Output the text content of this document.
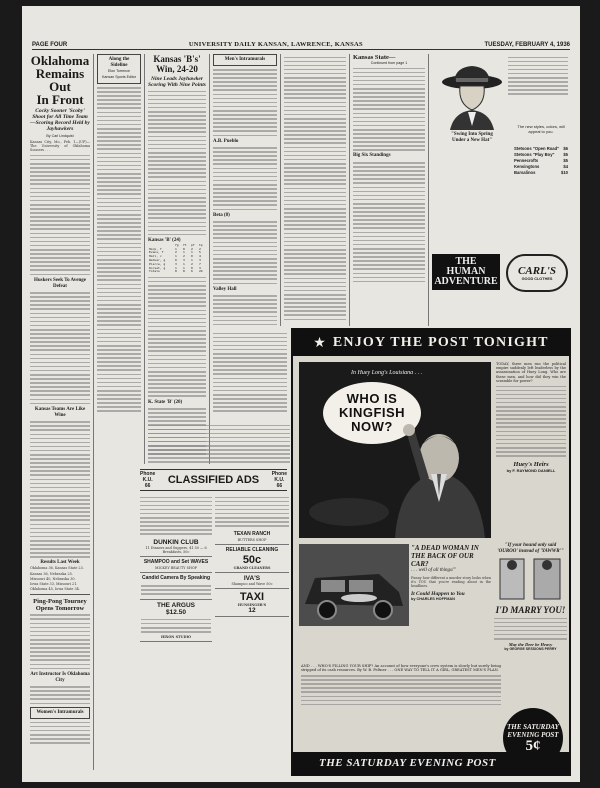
PAGE FOUR	UNIVERSITY DAILY KANSAN, LAWRENCE, KANSAS	TUESDAY, FEBRUARY 4, 1936
Oklahoma
Remains Out
In Front
Cocky Sooner 'Scoby' Shoot for All Time Team—Scoring Record Held by Jayhawkers
By Carl Lindquist

Kansas City, Mo., Feb. 1—(UP)—The University of Oklahoma Sooners . . .

Huskers Seek To Avenge Defeat
Kansas Teams Are Like Wine
Results Last Week

Oklahoma 36, Kansas State 23.

Kansas 36, Nebraska 25.

Missouri 40, Nebraska 30.

Iowa State 33, Missouri 21.

Oklahoma 45, Iowa State 34.

Ping-Pong Tourney
Opens Tomorrow
Art Instructor Is Oklahoma City
Women's Intramurals
Along the Sideline
Elon Torrence
Kansan Sports Editor
Kansas 'B's'
Win, 24-20
Nine Leads Jayhawker Scoring With Nine Points
Kansas 'B' (24)
	fg	ft	pf	tp
Harp, f	1	0	2	2
Evans, f	2	1	1	5
Hall, c	1	2	0	4
Walker, g	0	3	1	3
Pierce, g	3	1	2	7
Dorset, g	1	1	0	3
Totals	8	8	6	24
K. State 'B' (20)
Men's Intramurals
A.B. Pueblo
Beta (8)
Valley Hall
Kansas State—
Continued from page 1
Big Six Standings
"Swing Into Spring
Under a New Hat"
The new styles, colors, will appeal to you.
Stetsons "Open Road" $6
Stetsons "Play Boy" $5
Pennecrofts	$5
Kensingtons	$4
Barsalinos	$10
THE
HUMAN
ADVENTURE
CARL'S
GOOD CLOTHES
Phone
K.U.
66	CLASSIFIED ADS	Phone
K.U.
66
DUNKIN CLUB
11 Dinners and Suppers, $1.50 — 6 Breakfasts, 50c
SHAMPOO and Set WAVES
MICKEY BEAUTY SHOP
Candid Camera By Speaking
THE ARGUS
$12.50
HIXON STUDIO
TEXAN RANCH
BUTTERS SHOP
RELIABLE CLEANING
50c
GRAND CLEANERS
IVA'S
Shampoo and Wave 50c
TAXI
HUNSINGER'S
12
★ ENJOY THE POST TONIGHT
In Huey Long's Louisiana . . .
WHO IS
KINGFISH
NOW?

TODAY, three men run the political empire suddenly left leaderless by the assassination of Huey Long. Who are these men, and how did they win the scramble for power?

Huey's Heirs
by F. RAYMOND DANIELL
"A DEAD WOMAN IN THE BACK OF OUR CAR?
. . . well of all things!"

Funny how different a murder story looks when it's YOU that you're reading about in the headlines.

It Could Happen to You
by CHARLES HOFFMAN
"If your hound only said 'OUROO' instead of 'YAWWR'"
I'D MARRY YOU!
May the Deer be Heavy
by GEORGE SESSIONS PERRY

AND . . . WHO'S FILLING YOUR SHIP? An account of how everyone's crew system is slowly but surely being stripped of its cash resources. By W. B. Feltner . . . ONE WAY TO TELL IT A GIRL, GREATEST MEN'S PLAN.

THE SATURDAY EVENING POST
THE SATURDAY EVENING POST
5¢
